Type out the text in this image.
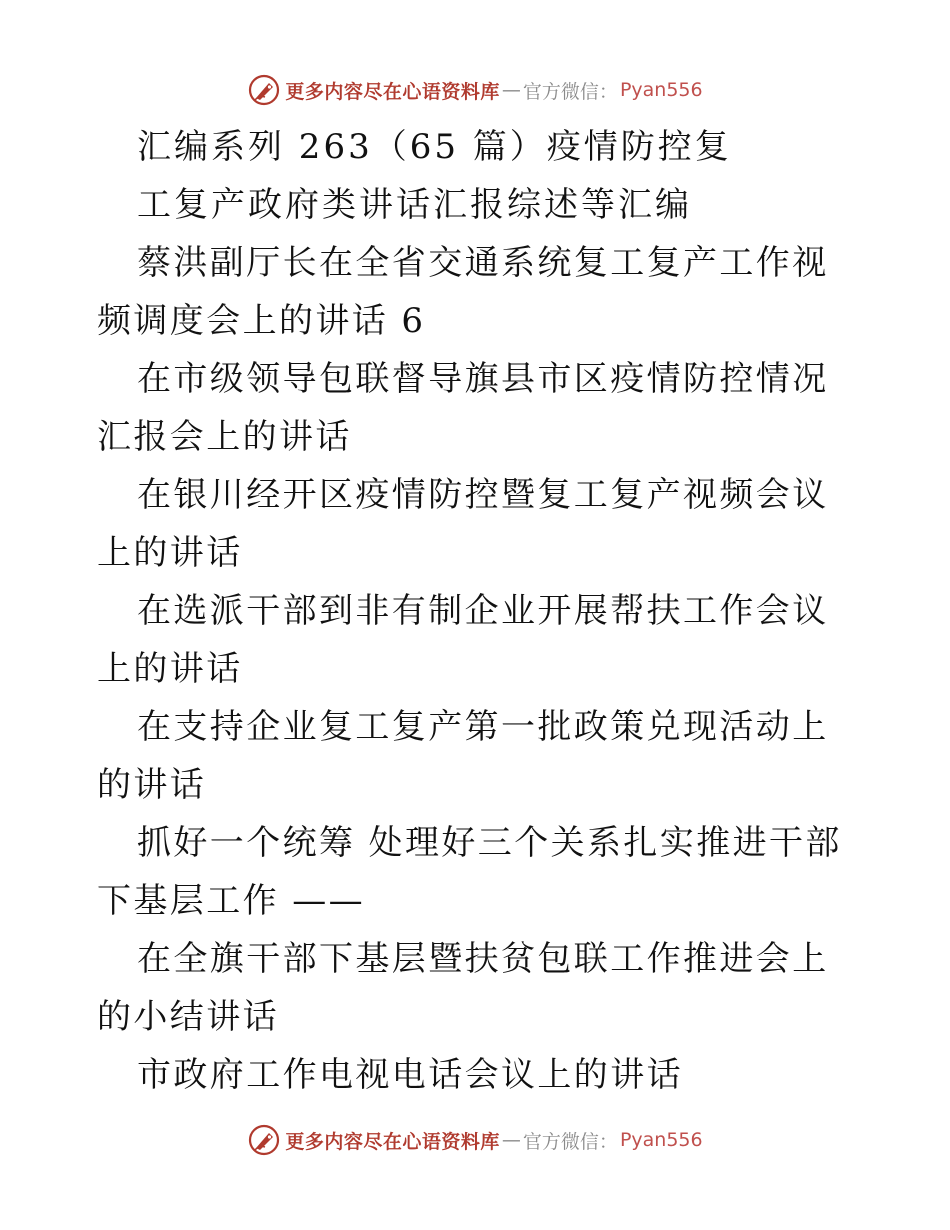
更多内容尽在心语资料库 — 官方微信： Pyan556

汇编系列 263（65 篇）疫情防控复

工复产政府类讲话汇报综述等汇编

蔡洪副厅长在全省交通系统复工复产工作视频调度会上的讲话 6

在市级领导包联督导旗县市区疫情防控情况汇报会上的讲话

在银川经开区疫情防控暨复工复产视频会议上的讲话

在选派干部到非有制企业开展帮扶工作会议上的讲话

在支持企业复工复产第一批政策兑现活动上的讲话

抓好一个统筹 处理好三个关系扎实推进干部下基层工作 ——

在全旗干部下基层暨扶贫包联工作推进会上的小结讲话

市政府工作电视电话会议上的讲话

更多内容尽在心语资料库 — 官方微信： Pyan556
